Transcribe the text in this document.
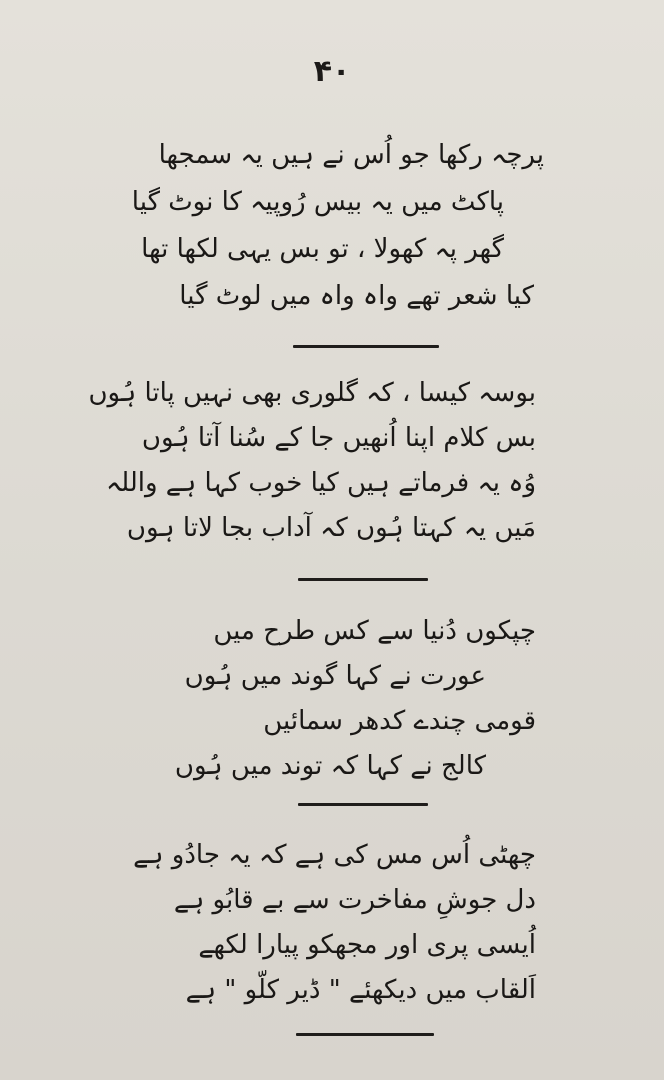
۴۰
پرچہ رکھا جو اُس نے ہیں یہ سمجھا
پاکٹ میں یہ بیس رُوپیہ کا نوٹ گیا
گھر پہ کھولا ، تو بس یہی لکھا تھا
کیا شعر تھے واہ واہ میں لوٹ گیا
بوسہ کیسا ، کہ گلوری بھی نہیں پاتا ہُوں
بس کلام اپنا اُنھیں جا کے سُنا آتا ہُوں
وُہ یہ فرماتے ہیں کیا خوب کہا ہے واللہ
مَیں یہ کہتا ہُوں کہ آداب بجا لاتا ہوں
چپکوں دُنیا سے کس طرح میں
عورت نے کہا گوند میں ہُوں
قومی چندے کدھر سمائیں
کالج نے کہا کہ توند میں ہُوں
چھٹی اُس مس کی ہے کہ یہ جادُو ہے
دل جوشِ مفاخرت سے بے قابُو ہے
اُیسی پری اور مجھکو پیارا لکھے
اَلقاب میں دیکھئے " ڈیر کلّو " ہے
